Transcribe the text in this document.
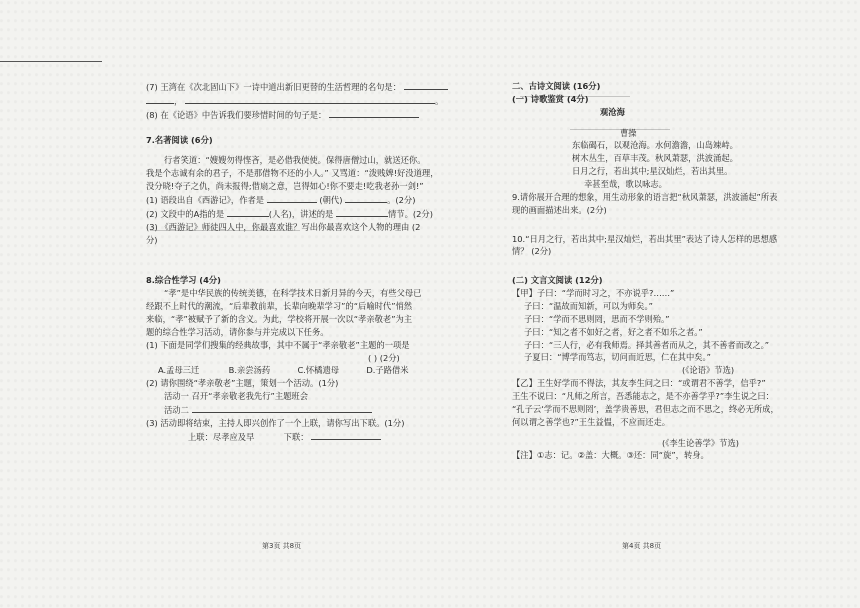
(7) 王湾在《次北固山下》一诗中道出新旧更替的生活哲理的名句是：

，	。

(8) 在《论语》中告诉我们要珍惜时间的句子是：

7.名著阅读 (6分)

行者笑道：“嫂嫂勿得悭吝，是必借我使使。保得唐僧过山，就送还你。

我是个志诚有余的君子，不是那借物不还的小人。” 又骂道：“泼贱婢!好没道理，

没分晓!夺子之仇，尚未报得;借扇之意，岂得如心!你不要走!吃我老孙一剑!”

(1) 语段出自《西游记》，作者是	(朝代)	。(2分)

(2) 文段中的A指的是	(人名)，讲述的是	情节。(2分)

(3) 《西游记》师徒四人中，你最喜欢谁？写出你最喜欢这个人物的理由 (2

分)

8.综合性学习 (4分)

“孝”是中华民族的传统美德，在科学技术日新月异的今天，有些父母已

经跟不上时代的潮流，“后辈教前辈，长辈向晚辈学习”的“后喻时代”悄然

来临，“孝”被赋予了新的含义。为此，学校将开展一次以“孝亲敬老”为主

题的综合性学习活动，请你参与并完成以下任务。

(1) 下面是同学们搜集的经典故事，其中不属于“孝亲敬老”主题的一项是

( ) (2分)

A.孟母三迁	B.亲尝汤药	C.怀橘遗母	D.子路借米

(2) 请你围绕“孝亲敬老”主题，策划一个活动。(1分)

活动一 召开“孝亲敬老我先行”主题班会

活动二

(3) 活动即将结束，主持人即兴创作了一个上联，请你写出下联。(1分)

上联：尽孝应及早	下联：

二、古诗文阅读 (16分)

(一) 诗歌鉴赏 (4分)

观沧海

曹操

东临碣石，以观沧海。水何澹澹，山岛竦峙。

树木丛生，百草丰茂。秋风萧瑟，洪波涌起。

日月之行，若出其中;星汉灿烂，若出其里。

幸甚至哉，歌以咏志。

9.请你展开合理的想象，用生动形象的语言把“秋风萧瑟，洪波涌起”所表

现的画面描述出来。(2分)

10.“日月之行，若出其中;星汉灿烂，若出其里”表达了诗人怎样的思想感

情？ (2分)

(二) 文言文阅读 (12分)

【甲】子曰：“学而时习之，不亦说乎?……”

子曰：“温故而知新，可以为师矣。”

子曰：“学而不思则罔，思而不学则殆。”

子曰：“知之者不如好之者，好之者不如乐之者。”

子曰：“三人行，必有我师焉。择其善者而从之，其不善者而改之。”

子夏曰：“博学而笃志，切问而近思，仁在其中矣。”

(《论语》节选)

【乙】王生好学而不得法，其友李生问之曰：“或谓君不善学，信乎?”

王生不说曰：“凡师之所言，吾悉能志之，是不亦善学乎?”李生说之曰：

“孔子云‘学而不思则罔’，盖学贵善思，君但志之而不思之，终必无所成，

何以谓之善学也?”王生益愠，不应而还走。

(《李生论善学》节选)

【注】①志：记。②盖：大概。③还：同“旋”，转身。

第3页 共8页	第4页 共8页
